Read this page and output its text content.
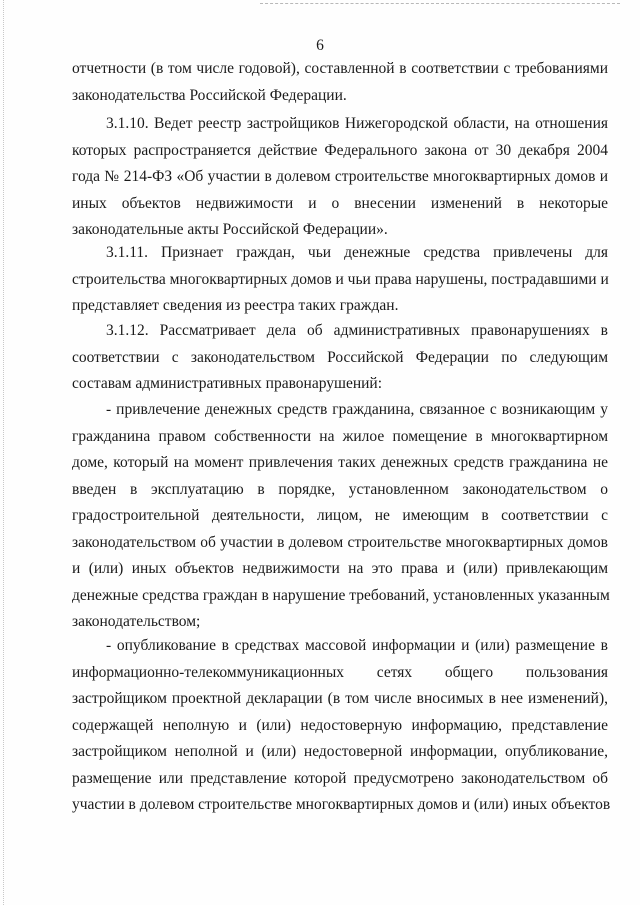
6
отчетности (в том числе годовой), составленной в соответствии с требованиями
законодательства Российской Федерации.
3.1.10. Ведет реестр застройщиков Нижегородской области, на отношения
которых распространяется действие Федерального закона от 30 декабря 2004
года № 214-ФЗ «Об участии в долевом строительстве многоквартирных домов и
иных объектов недвижимости и о внесении изменений в некоторые
законодательные акты Российской Федерации».
3.1.11. Признает граждан, чьи денежные средства привлечены для
строительства многоквартирных домов и чьи права нарушены, пострадавшими и
представляет сведения из реестра таких граждан.
3.1.12. Рассматривает дела об административных правонарушениях в
соответствии с законодательством Российской Федерации по следующим
составам административных правонарушений:
- привлечение денежных средств гражданина, связанное с возникающим у
гражданина правом собственности на жилое помещение в многоквартирном
доме, который на момент привлечения таких денежных средств гражданина не
введен в эксплуатацию в порядке, установленном законодательством о
градостроительной деятельности, лицом, не имеющим в соответствии с
законодательством об участии в долевом строительстве многоквартирных домов
и (или) иных объектов недвижимости на это права и (или) привлекающим
денежные средства граждан в нарушение требований, установленных указанным
законодательством;
- опубликование в средствах массовой информации и (или) размещение в
информационно-телекоммуникационных сетях общего пользования
застройщиком проектной декларации (в том числе вносимых в нее изменений),
содержащей неполную и (или) недостоверную информацию, представление
застройщиком неполной и (или) недостоверной информации, опубликование,
размещение или представление которой предусмотрено законодательством об
участии в долевом строительстве многоквартирных домов и (или) иных объектов
